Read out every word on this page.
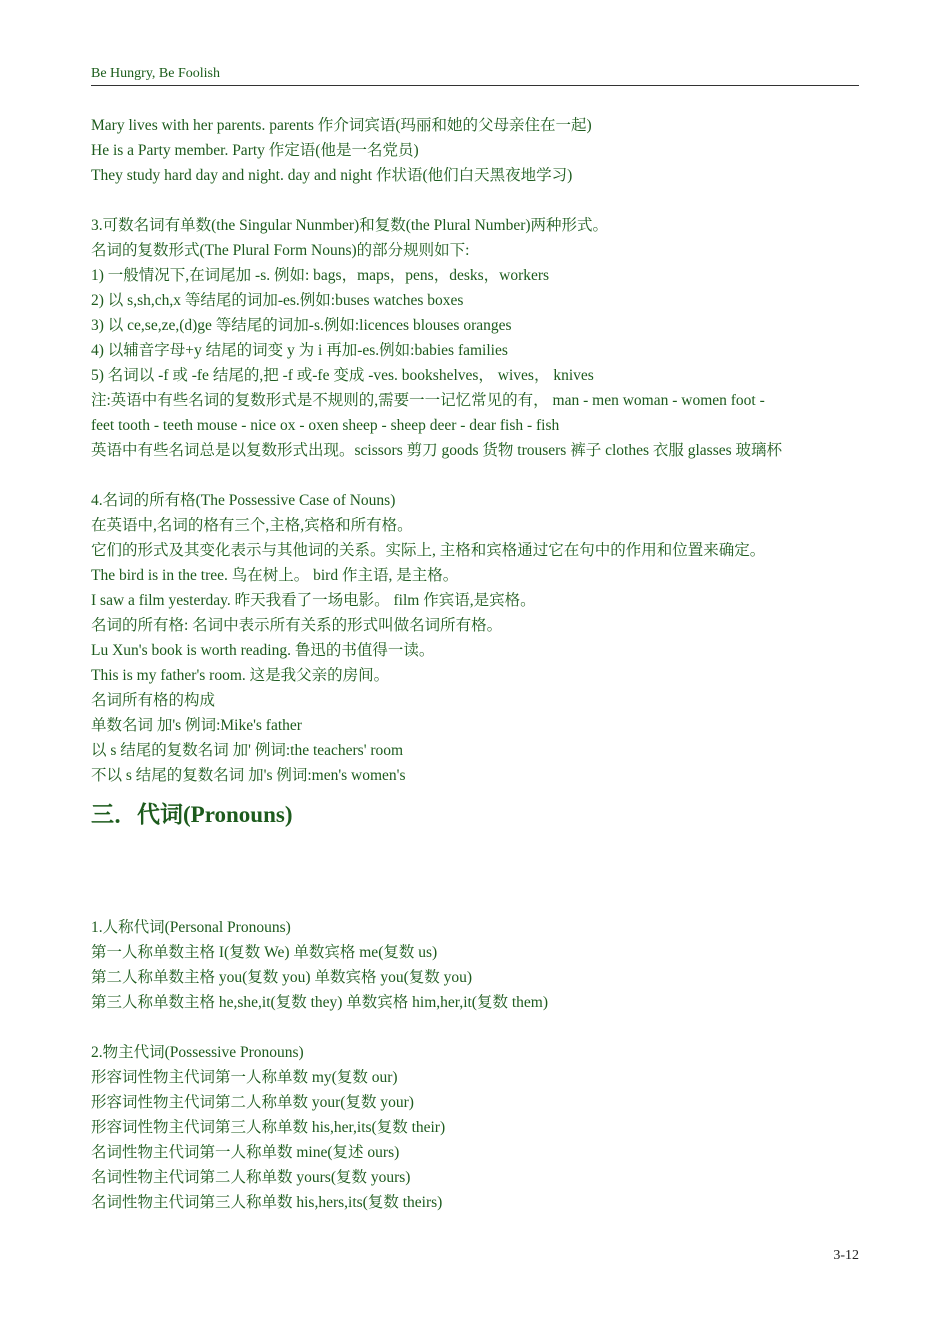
Be Hungry, Be Foolish
Mary lives with her parents. parents 作介词宾语(玛丽和她的父母亲住在一起)
He is a Party member. Party 作定语(他是一名党员)
They study hard day and night. day and night 作状语(他们白天黑夜地学习)
3.可数名词有单数(the Singular Nunmber)和复数(the Plural Number)两种形式。
名词的复数形式(The Plural Form Nouns)的部分规则如下:
1) 一般情况下,在词尾加 -s. 例如: bags，maps，pens，desks，workers
2) 以 s,sh,ch,x 等结尾的词加-es.例如:buses watches boxes
3) 以 ce,se,ze,(d)ge 等结尾的词加-s.例如:licences blouses oranges
4) 以辅音字母+y 结尾的词变 y 为 i 再加-es.例如:babies families
5) 名词以 -f 或 -fe 结尾的,把 -f 或-fe 变成 -ves. bookshelves， wives， knives
注:英语中有些名词的复数形式是不规则的,需要一一记忆常见的有， man - men woman - women foot -
feet tooth - teeth mouse - nice ox - oxen sheep - sheep deer - dear fish - fish
英语中有些名词总是以复数形式出现。scissors 剪刀 goods 货物 trousers 裤子 clothes 衣服 glasses 玻璃杯
4.名词的所有格(The Possessive Case of Nouns)
在英语中,名词的格有三个,主格,宾格和所有格。
它们的形式及其变化表示与其他词的关系。实际上, 主格和宾格通过它在句中的作用和位置来确定。
The bird is in the tree. 鸟在树上。 bird 作主语, 是主格。
I saw a film yesterday. 昨天我看了一场电影。 film 作宾语,是宾格。
名词的所有格: 名词中表示所有关系的形式叫做名词所有格。
Lu Xun's book is worth reading. 鲁迅的书值得一读。
This is my father's room. 这是我父亲的房间。
名词所有格的构成
单数名词 加's 例词:Mike's father
以 s 结尾的复数名词 加' 例词:the teachers' room
不以 s 结尾的复数名词 加's 例词:men's women's
三．代词(Pronouns)
1.人称代词(Personal Pronouns)
第一人称单数主格 I(复数 We) 单数宾格 me(复数 us)
第二人称单数主格 you(复数 you) 单数宾格 you(复数 you)
第三人称单数主格 he,she,it(复数 they) 单数宾格 him,her,it(复数 them)
2.物主代词(Possessive Pronouns)
形容词性物主代词第一人称单数 my(复数 our)
形容词性物主代词第二人称单数 your(复数 your)
形容词性物主代词第三人称单数 his,her,its(复数 their)
名词性物主代词第一人称单数 mine(复述 ours)
名词性物主代词第二人称单数 yours(复数 yours)
名词性物主代词第三人称单数 his,hers,its(复数 theirs)
3-12
